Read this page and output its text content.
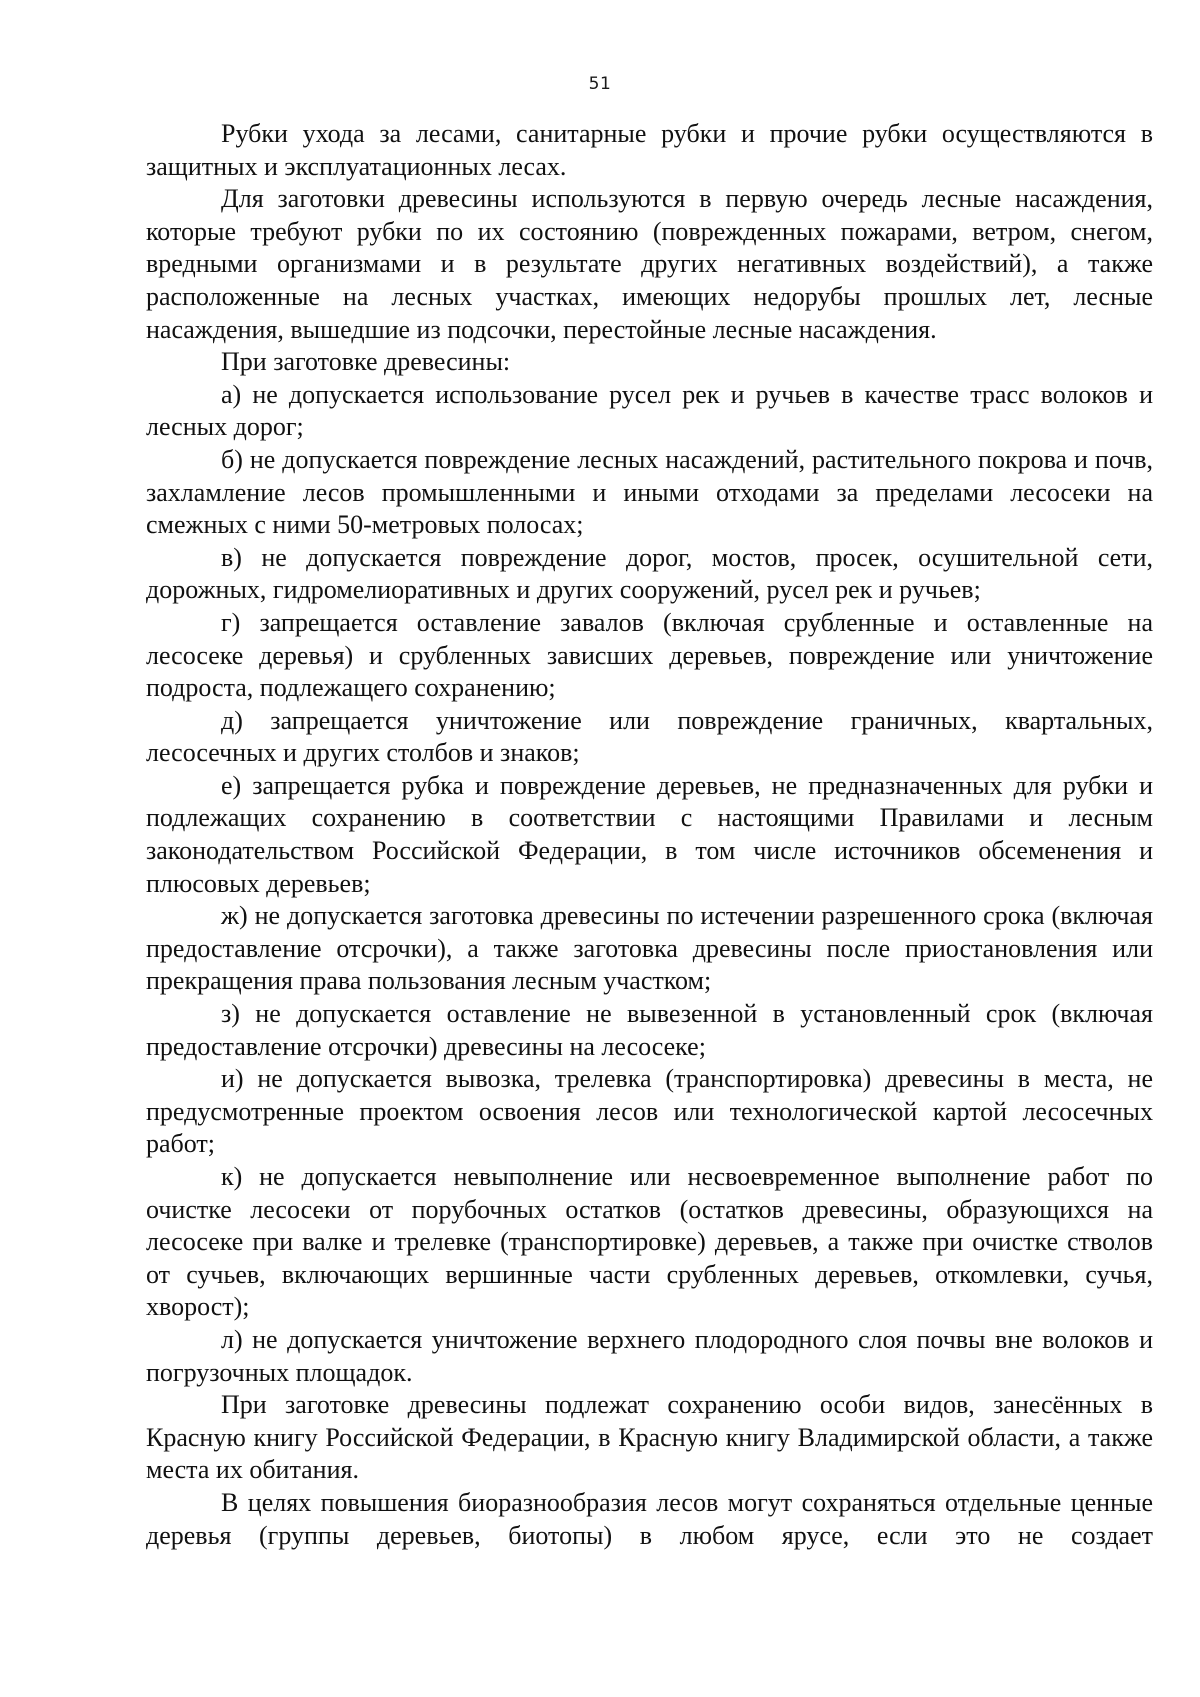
51

Рубки ухода за лесами, санитарные рубки и прочие рубки осуществляются в защитных и эксплуатационных лесах.

Для заготовки древесины используются в первую очередь лесные насаждения, которые требуют рубки по их состоянию (поврежденных пожарами, ветром, снегом, вредными организмами и в результате других негативных воздействий), а также расположенные на лесных участках, имеющих недорубы прошлых лет, лесные насаждения, вышедшие из подсочки, перестойные лесные насаждения.

При заготовке древесины:

а) не допускается использование русел рек и ручьев в качестве трасс волоков и лесных дорог;

б) не допускается повреждение лесных насаждений, растительного покрова и почв, захламление лесов промышленными и иными отходами за пределами лесосеки на смежных с ними 50-метровых полосах;

в) не допускается повреждение дорог, мостов, просек, осушительной сети, дорожных, гидромелиоративных и других сооружений, русел рек и ручьев;

г) запрещается оставление завалов (включая срубленные и оставленные на лесосеке деревья) и срубленных зависших деревьев, повреждение или уничтожение подроста, подлежащего сохранению;

д) запрещается уничтожение или повреждение граничных, квартальных, лесосечных и других столбов и знаков;

е) запрещается рубка и повреждение деревьев, не предназначенных для рубки и подлежащих сохранению в соответствии с настоящими Правилами и лесным законодательством Российской Федерации, в том числе источников обсеменения и плюсовых деревьев;

ж) не допускается заготовка древесины по истечении разрешенного срока (включая предоставление отсрочки), а также заготовка древесины после приостановления или прекращения права пользования лесным участком;

з) не допускается оставление не вывезенной в установленный срок (включая предоставление отсрочки) древесины на лесосеке;

и) не допускается вывозка, трелевка (транспортировка) древесины в места, не предусмотренные проектом освоения лесов или технологической картой лесосечных работ;

к) не допускается невыполнение или несвоевременное выполнение работ по очистке лесосеки от порубочных остатков (остатков древесины, образующихся на лесосеке при валке и трелевке (транспортировке) деревьев, а также при очистке стволов от сучьев, включающих вершинные части срубленных деревьев, откомлевки, сучья, хворост);

л) не допускается уничтожение верхнего плодородного слоя почвы вне волоков и погрузочных площадок.

При заготовке древесины подлежат сохранению особи видов, занесённых в Красную книгу Российской Федерации, в Красную книгу Владимирской области, а также места их обитания.

В целях повышения биоразнообразия лесов могут сохраняться отдельные ценные деревья (группы деревьев, биотопы) в любом ярусе, если это не создает
